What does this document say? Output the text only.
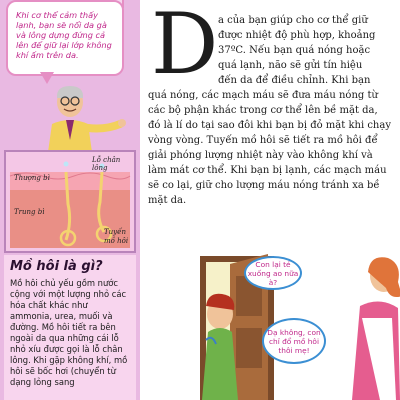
Khi cơ thể cảm thấy lạnh, bạn sẽ nổi da gà và lông dựng đứng cả lên để giữ lại lớp không khí ấm trên da.

Lỗ chân lông
Thượng bì
Trung bì
Tuyến mồ hôi
Mồ hôi là gì?
Mồ hôi chủ yếu gồm nước cộng với một lượng nhỏ các hóa chất khác như ammonia, urea, muối và đường. Mồ hôi tiết ra bên ngoài da qua những cái lỗ nhỏ xíu được gọi là lỗ chân lông. Khi gặp không khí, mồ hôi sẽ bốc hơi (chuyển từ dạng lỏng sang
D a của bạn giúp cho cơ thể giữ
được nhiệt độ phù hợp, khoảng
37ºC. Nếu bạn quá nóng hoặc
quá lạnh, não sẽ gửi tín hiệu
đến da để điều chỉnh. Khi bạn
quá nóng, các mạch máu sẽ đưa máu nóng từ các bộ phận khác trong cơ thể lên bề mặt da, đó là lí do tại sao đôi khi bạn bị đỏ mặt khi chạy vòng vòng. Tuyến mồ hôi sẽ tiết ra mồ hôi để giải phóng lượng nhiệt này vào không khí và làm mát cơ thể. Khi bạn bị lạnh, các mạch máu sẽ co lại, giữ cho lượng máu nóng tránh xa bề mặt da.
Con lại té xuống ao nữa à?
Dạ không, con chỉ đổ mồ hôi thôi mẹ!
